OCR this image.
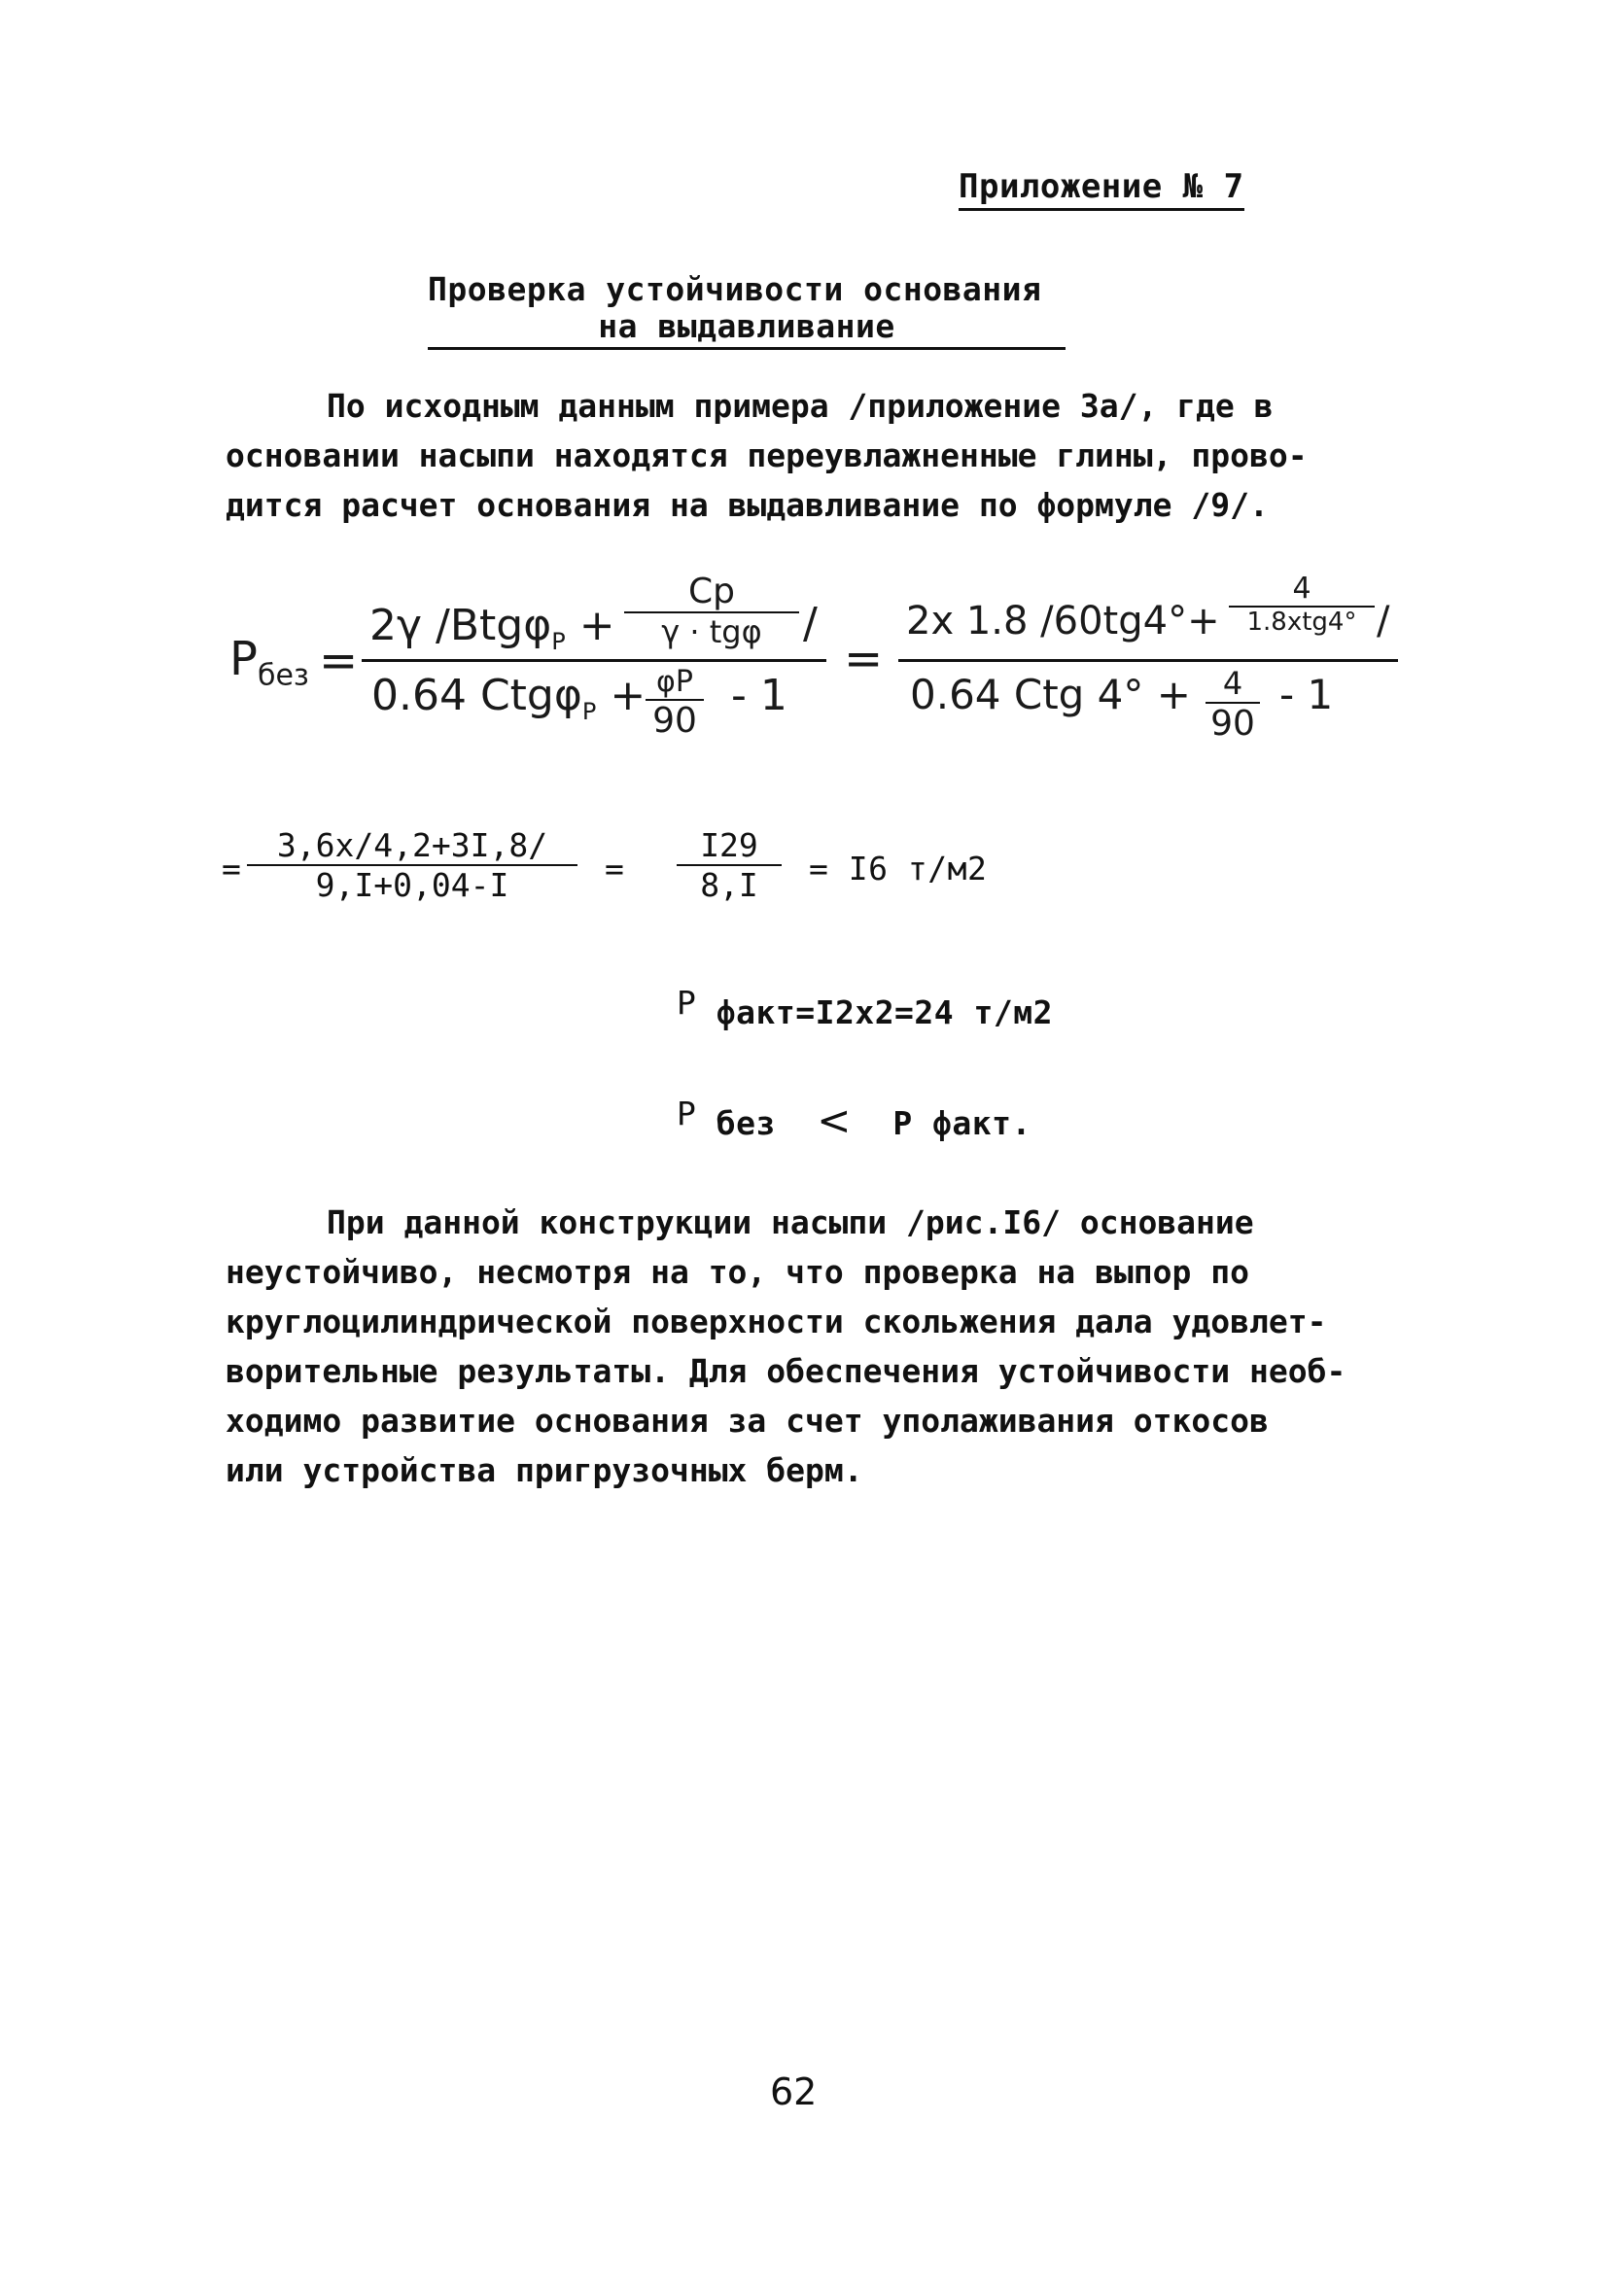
Приложение № 7
Проверка устойчивости основания
на выдавливание
По исходным данным примера /приложение 3а/, где в
основании насыпи находятся переувлажненные глины, прово-
дится расчет основания на выдавливание по формуле /9/.
$P_{без}$ =
2γ /Btgφ$_P$ +
Cp
γ · tgφ /
0.64 Ctgφ$_P$ + φP
90
- 1
=
2x 1.8 /60tg4°+
4
1.8xtg4° /
0.64 Ctg 4° + 4
90
- 1
=
3,6x/4,2+3I,8/
9,I+0,04-I	=
I29
8,I = I6 т/м2
P факт=I2x2=24 т/м2
P без < P факт.
При данной конструкции насыпи /рис.I6/ основание
неустойчиво, несмотря на то, что проверка на выпор по
круглоцилиндрической поверхности скольжения дала удовлет-
ворительные результаты. Для обеспечения устойчивости необ-
ходимо развитие основания за счет уполаживания откосов
или устройства пригрузочных берм.
62
